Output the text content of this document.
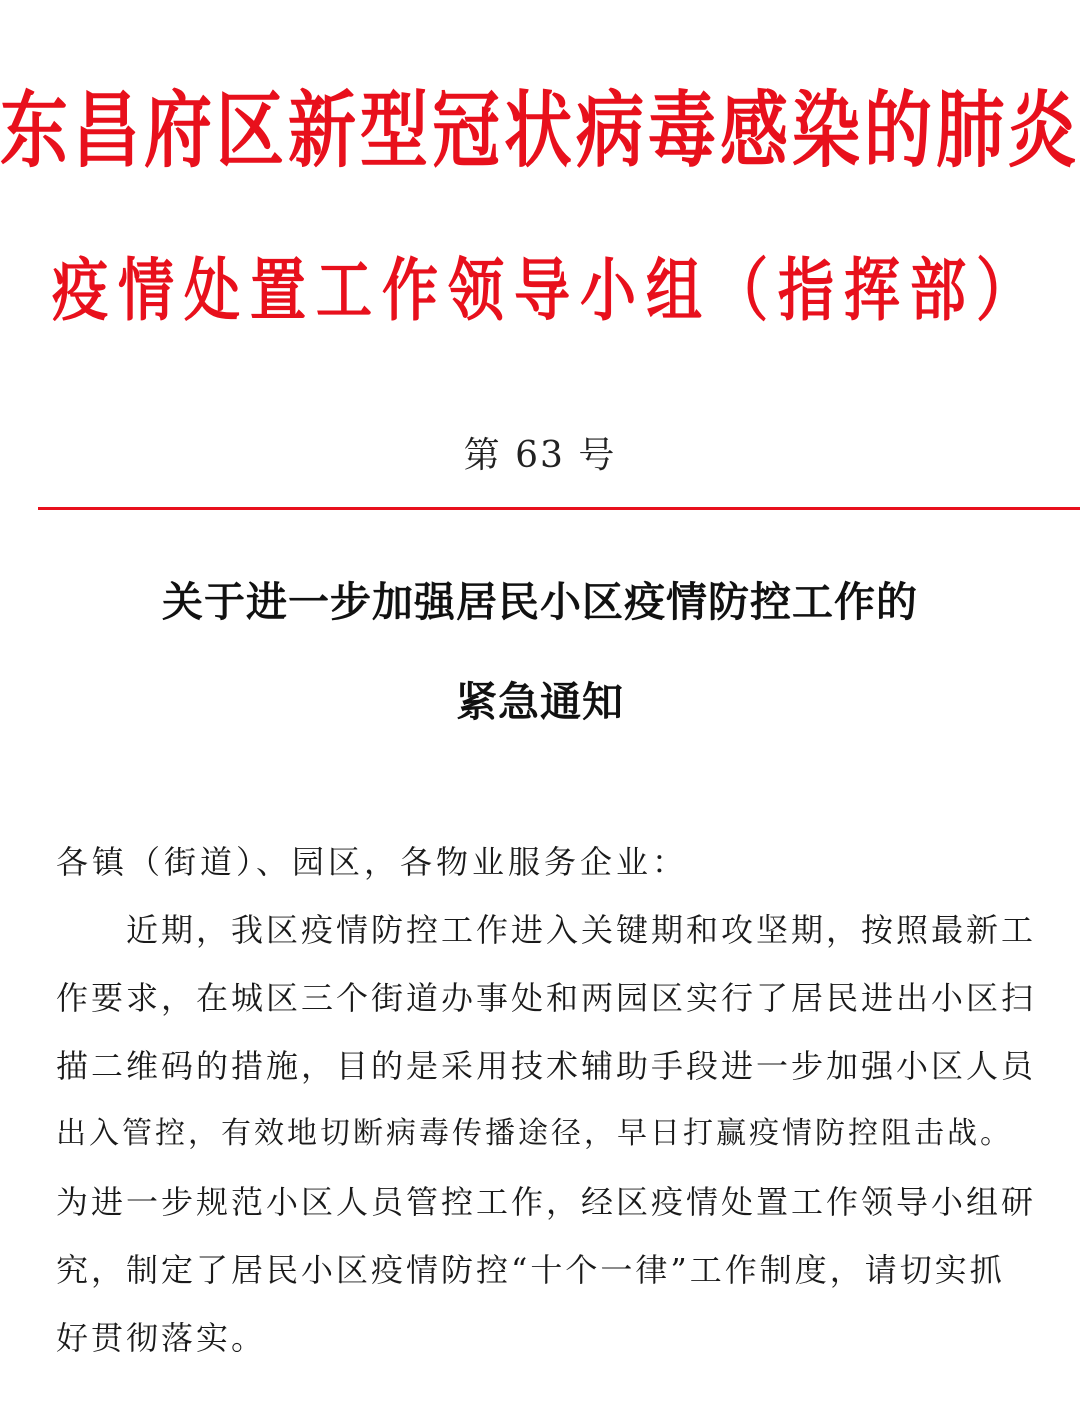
东昌府区新型冠状病毒感染的肺炎
疫情处置工作领导小组（指挥部）
第 63 号
关于进一步加强居民小区疫情防控工作的
紧急通知
各镇（街道）、园区，各物业服务企业：
　　近期，我区疫情防控工作进入关键期和攻坚期，按照最新工
作要求，在城区三个街道办事处和两园区实行了居民进出小区扫
描二维码的措施，目的是采用技术辅助手段进一步加强小区人员
出入管控，有效地切断病毒传播途径，早日打赢疫情防控阻击战。
为进一步规范小区人员管控工作，经区疫情处置工作领导小组研
究，制定了居民小区疫情防控“十个一律”工作制度，请切实抓
好贯彻落实。
